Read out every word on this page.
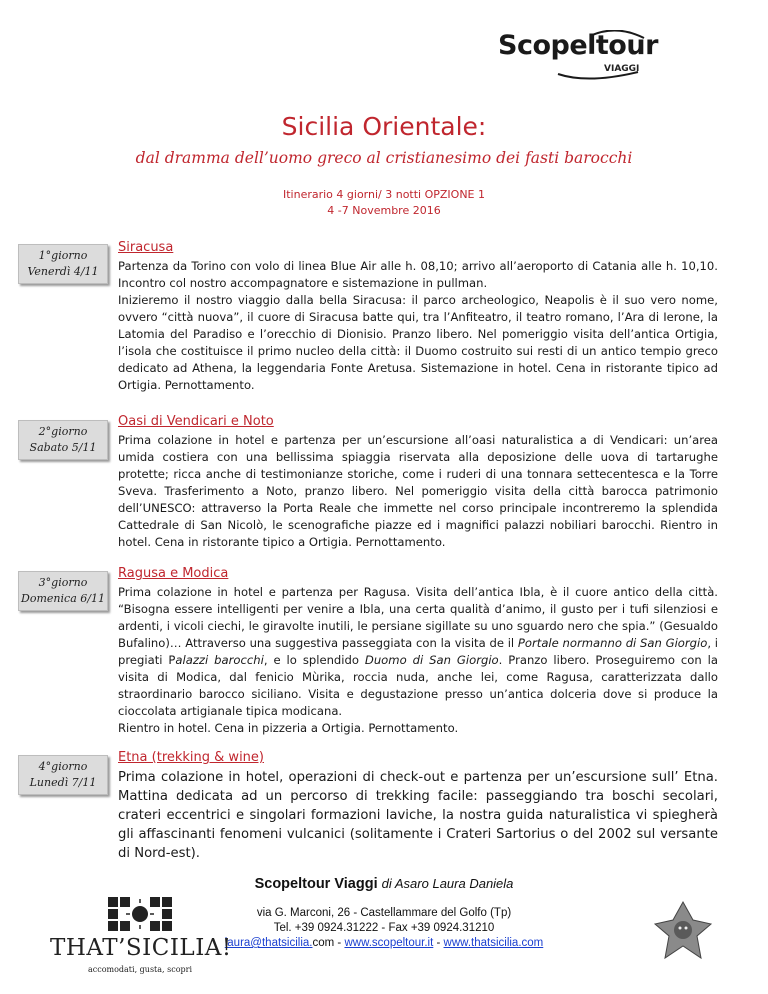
Scopeltour
VIAGGI
Sicilia Orientale:
dal dramma dell’uomo greco al cristianesimo dei fasti barocchi
Itinerario 4 giorni/ 3 notti OPZIONE 1
4 -7 Novembre 2016
1°giorno
Venerdì 4/11
Siracusa

Partenza da Torino con volo di linea Blue Air alle h. 08,10; arrivo all’aeroporto di Catania alle h. 10,10. Incontro col nostro accompagnatore e sistemazione in pullman.

Inizieremo il nostro viaggio dalla bella Siracusa: il parco archeologico, Neapolis è il suo vero nome, ovvero “città nuova”, il cuore di Siracusa batte qui, tra l’Anfiteatro, il teatro romano, l’Ara di Ierone, la Latomia del Paradiso e l’orecchio di Dionisio. Pranzo libero. Nel pomeriggio visita dell’antica Ortigia, l’isola che costituisce il primo nucleo della città: il Duomo costruito sui resti di un antico tempio greco dedicato ad Athena, la leggendaria Fonte Aretusa. Sistemazione in hotel. Cena in ristorante tipico ad Ortigia. Pernottamento.

2°giorno
Sabato 5/11
Oasi di Vendicari e Noto

Prima colazione in hotel e partenza per un’escursione all’oasi naturalistica a di Vendicari: un’area umida costiera con una bellissima spiaggia riservata alla deposizione delle uova di tartarughe protette; ricca anche di testimonianze storiche, come i ruderi di una tonnara settecentesca e la Torre Sveva. Trasferimento a Noto, pranzo libero. Nel pomeriggio visita della città barocca patrimonio dell’UNESCO: attraverso la Porta Reale che immette nel corso principale incontreremo la splendida Cattedrale di San Nicolò, le scenografiche piazze ed i magnifici palazzi nobiliari barocchi. Rientro in hotel. Cena in ristorante tipico a Ortigia. Pernottamento.

3°giorno
Domenica 6/11
Ragusa e Modica

Prima colazione in hotel e partenza per Ragusa. Visita dell’antica Ibla, è il cuore antico della città. “Bisogna essere intelligenti per venire a Ibla, una certa qualità d’animo, il gusto per i tufi silenziosi e ardenti, i vicoli ciechi, le giravolte inutili, le persiane sigillate su uno sguardo nero che spia.” (Gesualdo Bufalino)… Attraverso una suggestiva passeggiata con la visita de il Portale normanno di San Giorgio, i pregiati Palazzi barocchi, e lo splendido Duomo di San Giorgio. Pranzo libero. Proseguiremo con la visita di Modica, dal fenicio Mùrika, roccia nuda, anche lei, come Ragusa, caratterizzata dallo straordinario barocco siciliano. Visita e degustazione presso un’antica dolceria dove si produce la cioccolata artigianale tipica modicana.

Rientro in hotel. Cena in pizzeria a Ortigia. Pernottamento.

4°giorno
Lunedì 7/11
Etna (trekking & wine)

Prima colazione in hotel, operazioni di check-out e partenza per un’escursione sull’ Etna. Mattina dedicata ad un percorso di trekking facile: passeggiando tra boschi secolari, crateri eccentrici e singolari formazioni laviche, la nostra guida naturalistica vi spiegherà gli affascinanti fenomeni vulcanici (solitamente i Crateri Sartorius o del 2002 sul versante di Nord-est).

Scopeltour Viaggi di Asaro Laura Daniela
via G. Marconi, 26 - Castellammare del Golfo (Tp)
Tel. +39 0924.31222 - Fax +39 0924.31210
laura@thatsicilia.com - www.scopeltour.it - www.thatsicilia.com
THAT’SICILIA!
accomodati, gusta, scopri
